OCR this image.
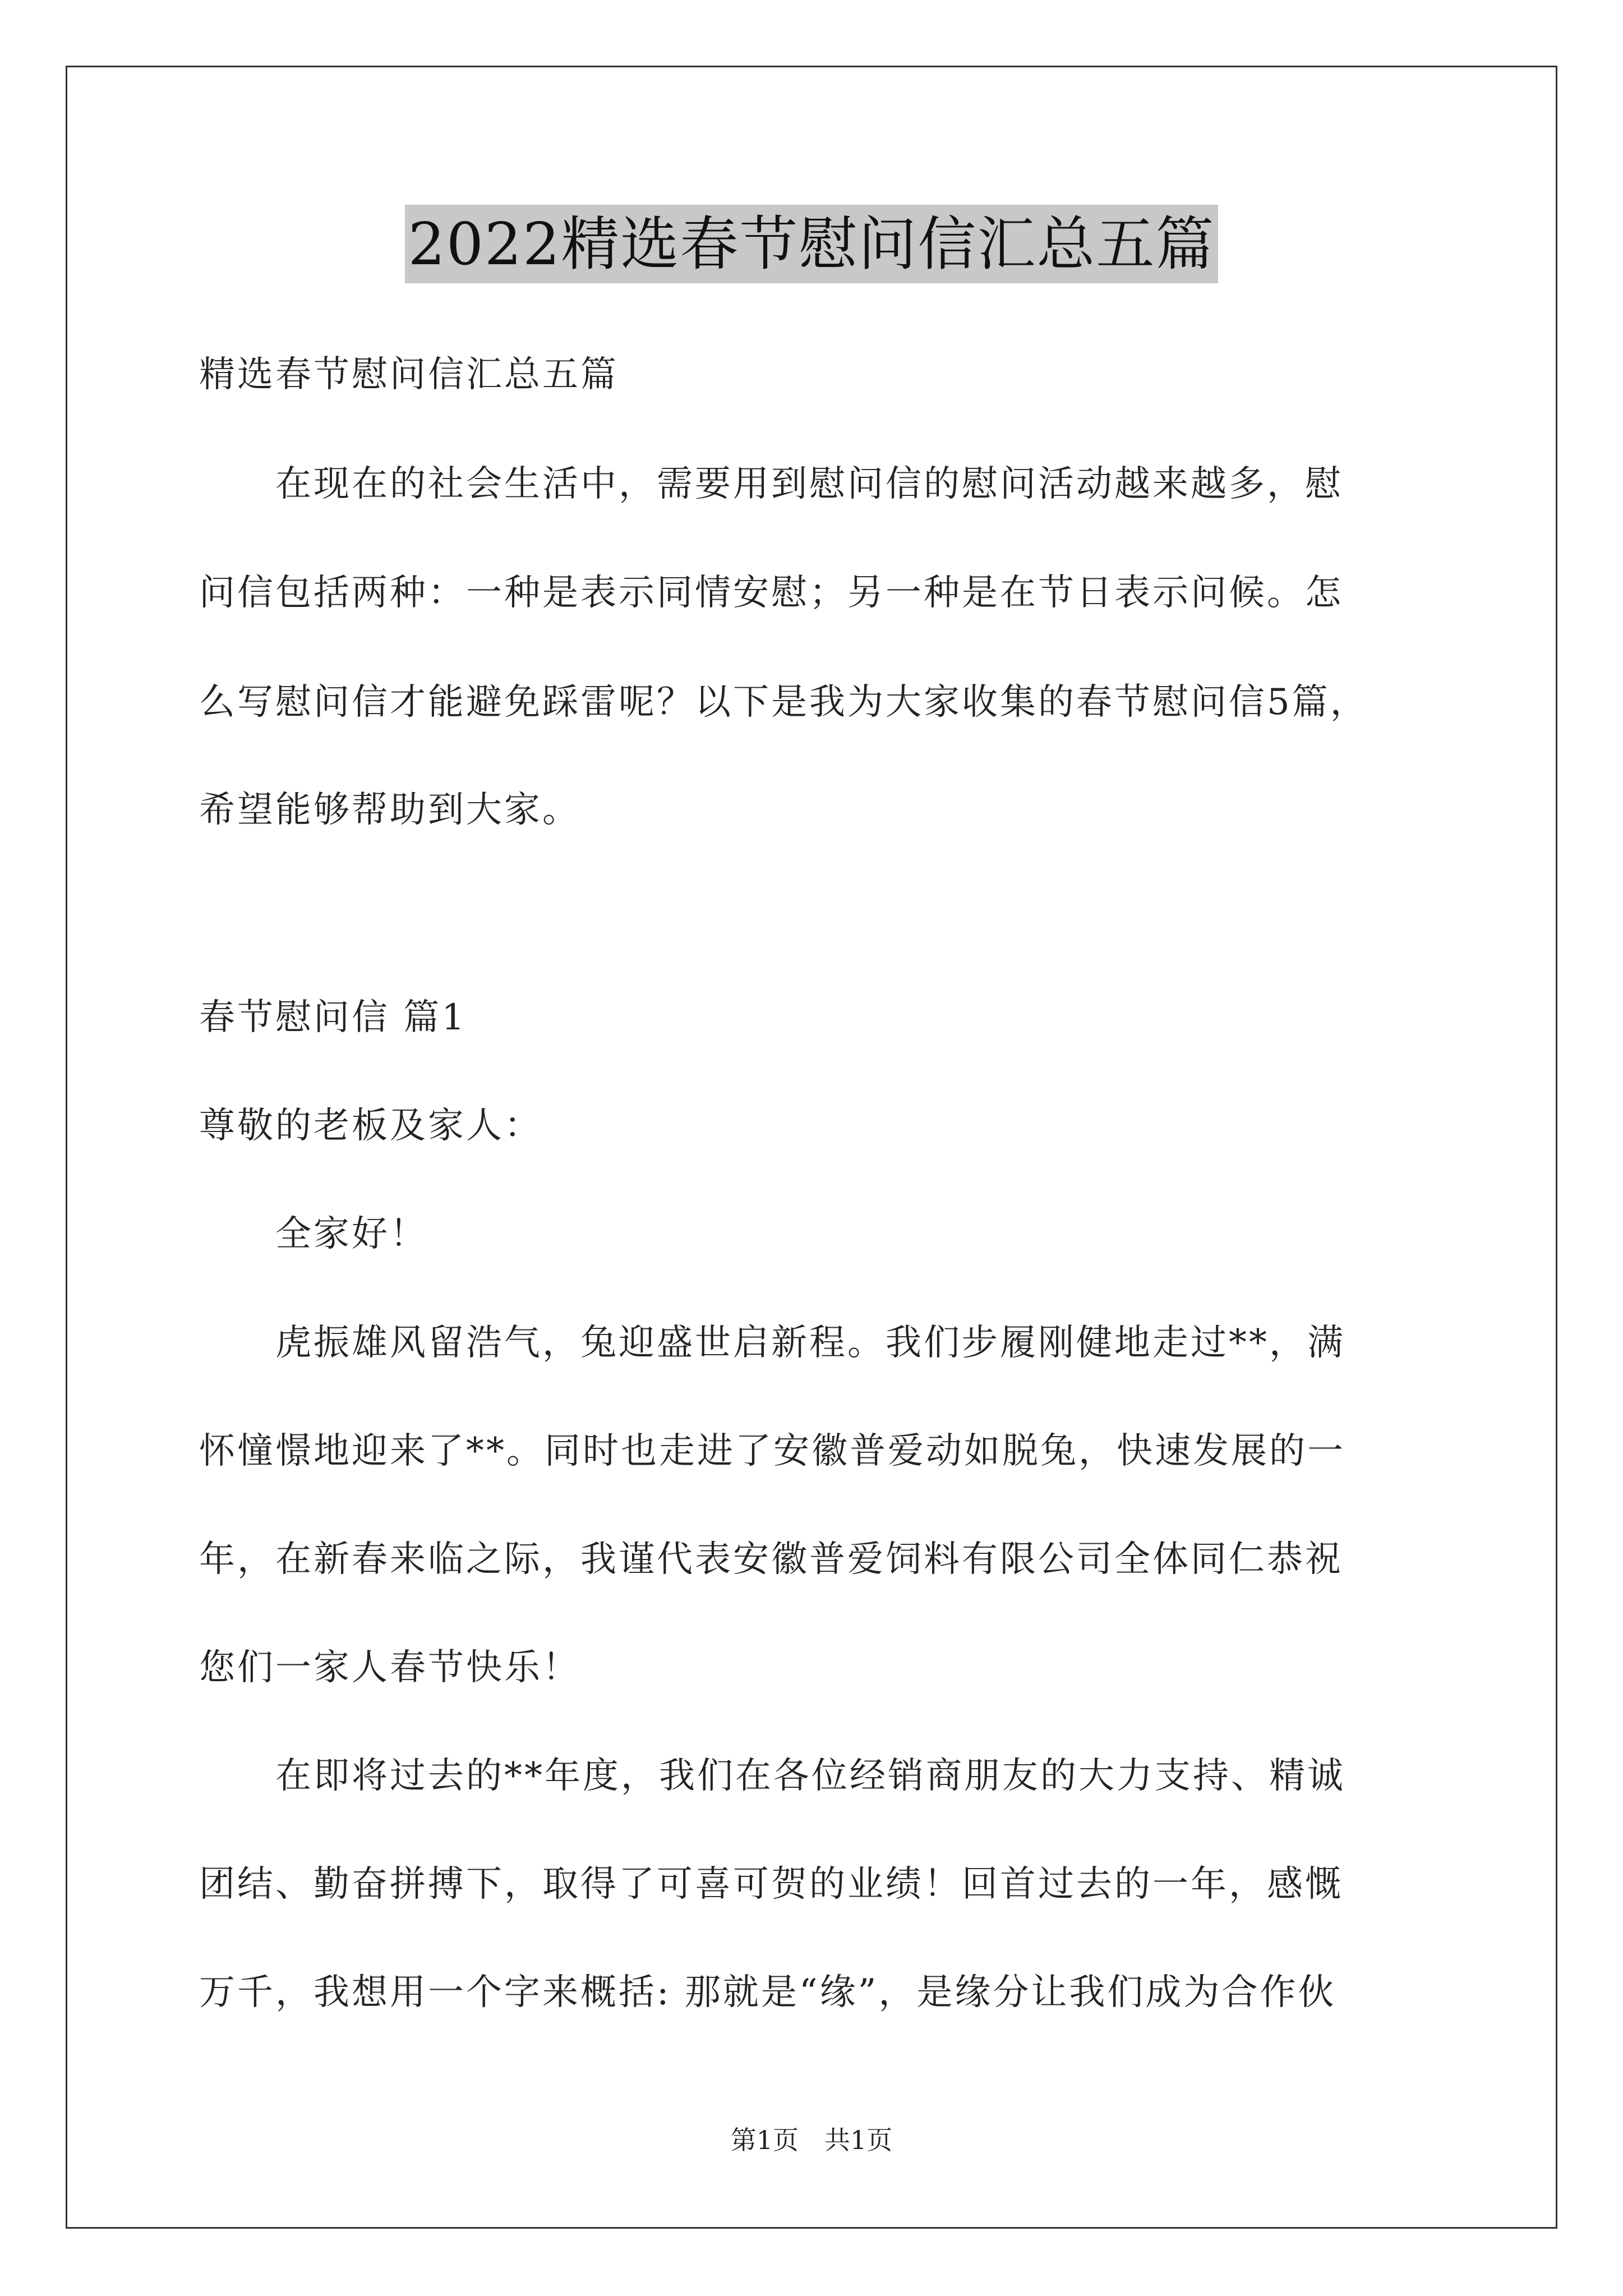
2022精选春节慰问信汇总五篇
精选春节慰问信汇总五篇
　　在现在的社会生活中，需要用到慰问信的慰问活动越来越多，慰
问信包括两种：一种是表示同情安慰；另一种是在节日表示问候。怎
么写慰问信才能避免踩雷呢？以下是我为大家收集的春节慰问信5篇，
希望能够帮助到大家。
春节慰问信 篇1
尊敬的老板及家人：
　　全家好！
　　虎振雄风留浩气，兔迎盛世启新程。我们步履刚健地走过**，满
怀憧憬地迎来了**。同时也走进了安徽普爱动如脱兔，快速发展的一
年，在新春来临之际，我谨代表安徽普爱饲料有限公司全体同仁恭祝
您们一家人春节快乐！
　　在即将过去的**年度，我们在各位经销商朋友的大力支持、精诚
团结、勤奋拼搏下，取得了可喜可贺的业绩！回首过去的一年，感慨
万千，我想用一个字来概括: 那就是“缘”，是缘分让我们成为合作伙
第1页　共1页
